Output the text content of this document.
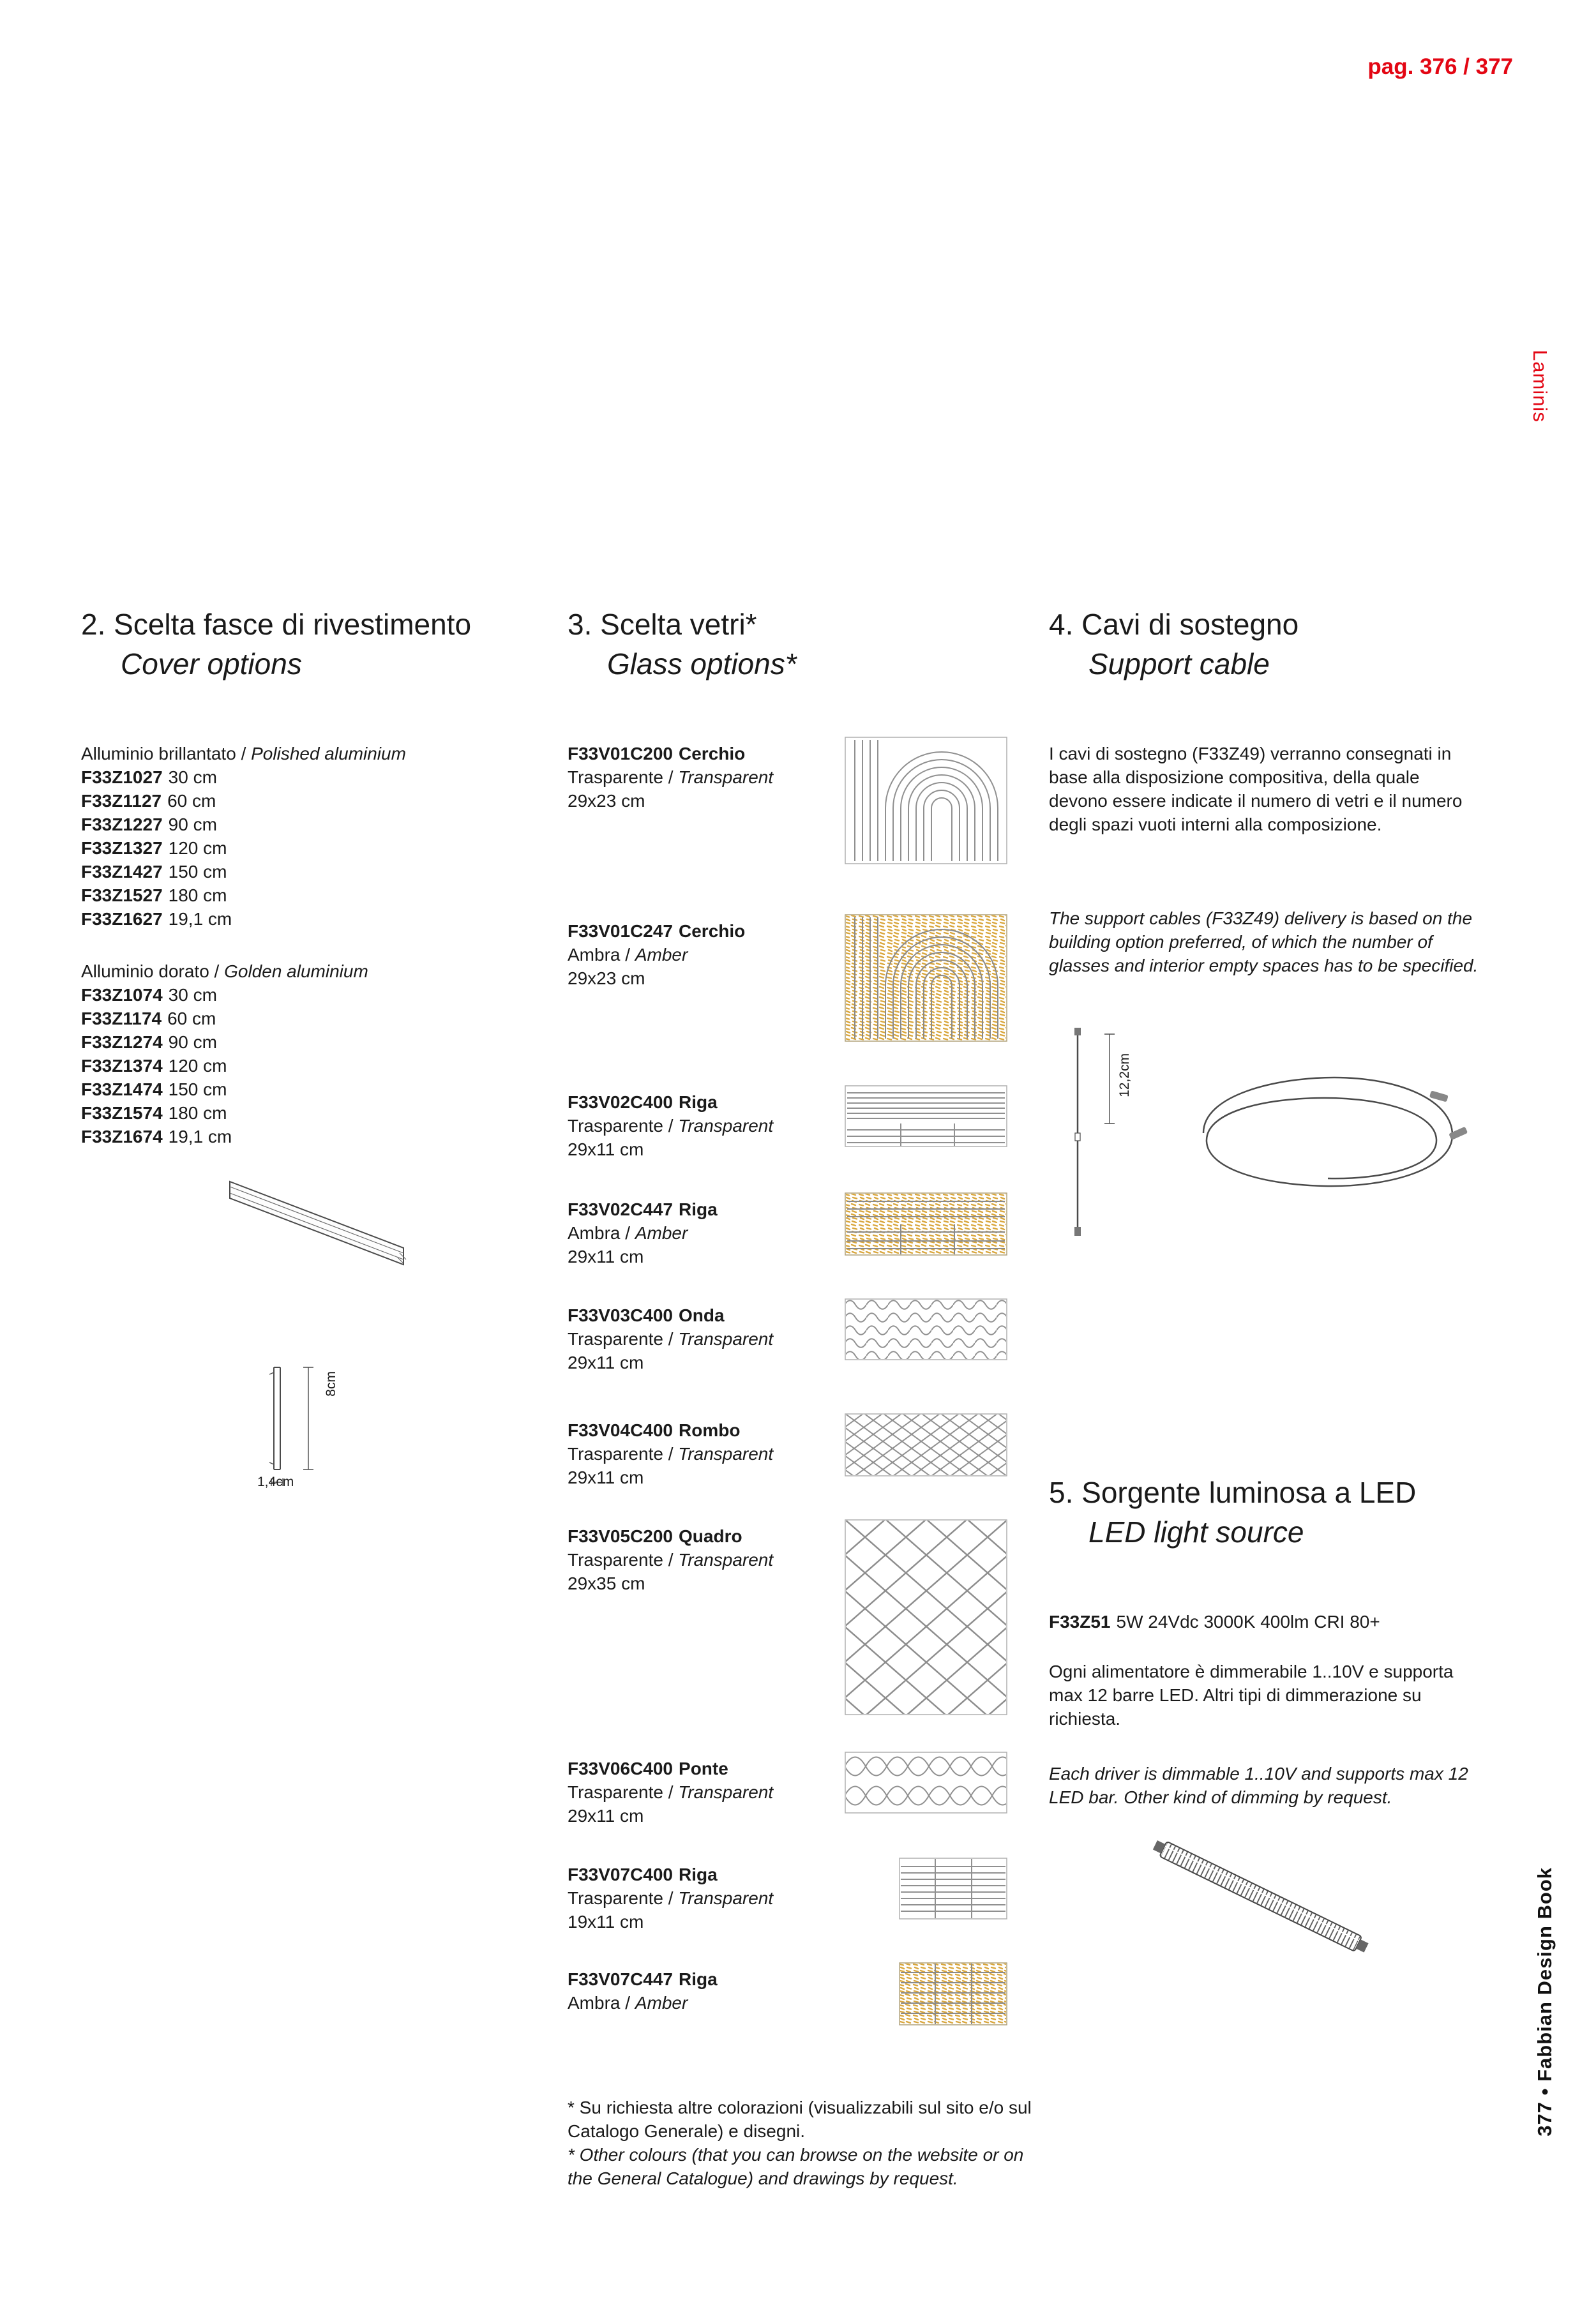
pag. 376 / 377
Laminis
377 • Fabbian Design Book
2. Scelta fasce di rivestimento
Cover options
3. Scelta vetri*
Glass options*
4. Cavi di sostegno
Support cable
5. Sorgente luminosa a LED
LED light source
Alluminio brillantato / Polished aluminium
F33Z1027 30 cm
F33Z1127 60 cm
F33Z1227 90 cm
F33Z1327 120 cm
F33Z1427 150 cm
F33Z1527 180 cm
F33Z1627 19,1 cm
Alluminio dorato / Golden aluminium
F33Z1074 30 cm
F33Z1174 60 cm
F33Z1274 90 cm
F33Z1374 120 cm
F33Z1474 150 cm
F33Z1574 180 cm
F33Z1674 19,1 cm
8cm
1,4cm
F33V01C200 Cerchio
Trasparente / Transparent
29x23 cm
F33V01C247 Cerchio
Ambra / Amber
29x23 cm
F33V02C400 Riga
Trasparente / Transparent
29x11 cm
F33V02C447 Riga
Ambra / Amber
29x11 cm
F33V03C400 Onda
Trasparente / Transparent
29x11 cm
F33V04C400 Rombo
Trasparente / Transparent
29x11 cm
F33V05C200 Quadro
Trasparente / Transparent
29x35 cm
F33V06C400 Ponte
Trasparente / Transparent
29x11 cm
F33V07C400 Riga
Trasparente / Transparent
19x11 cm
F33V07C447 Riga
Ambra / Amber
* Su richiesta altre colorazioni (visualizzabili sul sito e/o sul Catalogo Generale) e disegni.
* Other colours (that you can browse on the website or on the General Catalogue) and drawings by request.
I cavi di sostegno (F33Z49) verranno consegnati in base alla disposizione compositiva, della quale devono essere indicate il numero di vetri e il numero degli spazi vuoti interni alla composizione.
The support cables (F33Z49) delivery is based on the building option preferred, of which the number of glasses and interior empty spaces has to be specified.
12,2cm
F33Z51 5W 24Vdc 3000K 400lm CRI 80+
Ogni alimentatore è dimmerabile 1..10V e supporta max 12 barre LED. Altri tipi di dimmerazione su richiesta.
Each driver is dimmable 1..10V and supports max 12 LED bar. Other kind of dimming by request.
